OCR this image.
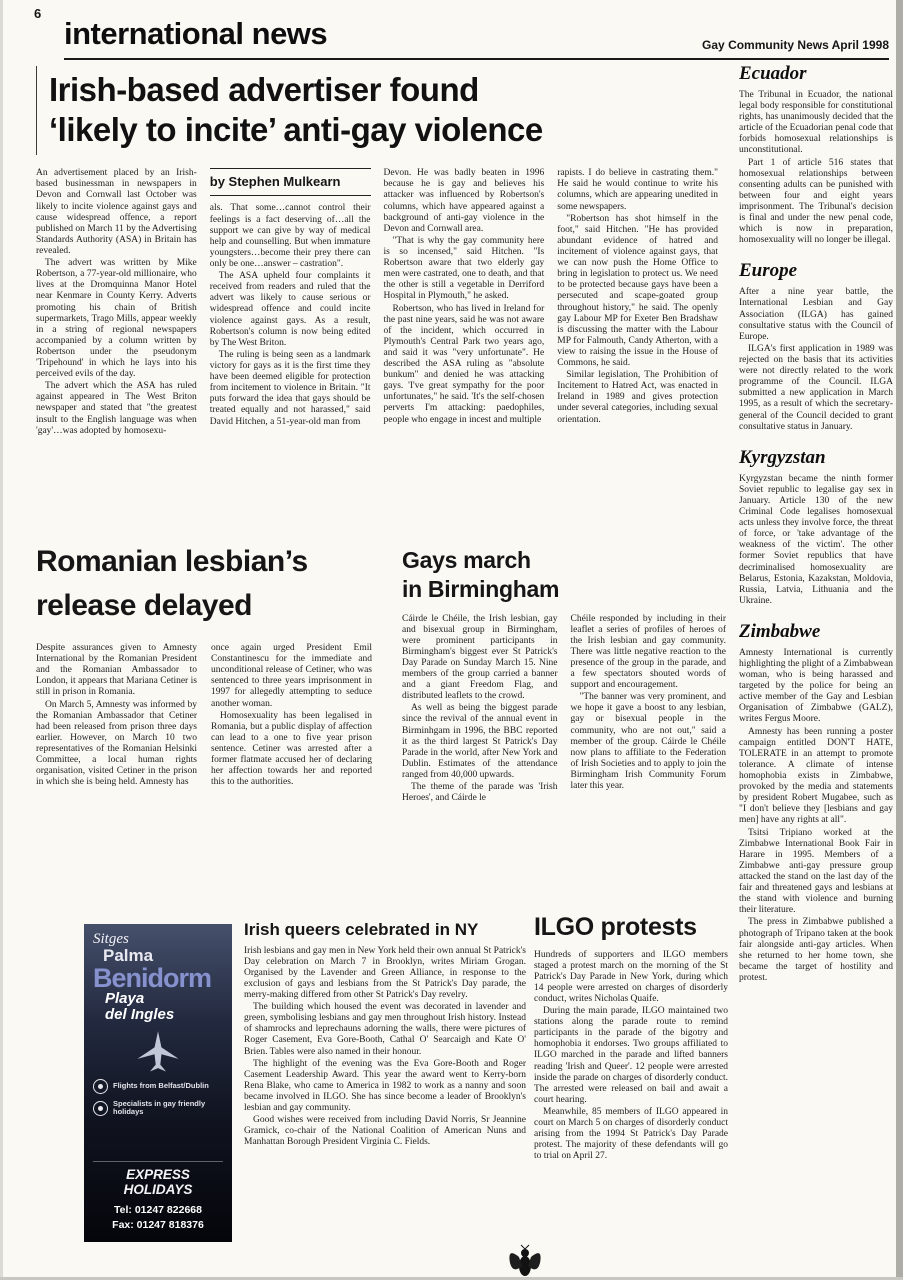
6
international news	Gay Community News April 1998
Irish-based advertiser found
‘likely to incite’ anti-gay violence

An advertisement placed by an Irish-based businessman in newspapers in Devon and Cornwall last October was likely to incite violence against gays and cause widespread offence, a report published on March 11 by the Advertising Standards Authority (ASA) in Britain has revealed.

The advert was written by Mike Robertson, a 77-year-old millionaire, who lives at the Dromquinna Manor Hotel near Kenmare in County Kerry. Adverts promoting his chain of British supermarkets, Trago Mills, appear weekly in a string of regional newspapers accompanied by a column written by Robertson under the pseudonym 'Tripehound' in which he lays into his perceived evils of the day.

The advert which the ASA has ruled against appeared in The West Briton newspaper and stated that "the greatest insult to the English language was when 'gay'…was adopted by homosexu-

by Stephen Mulkearn

als. That some…cannot control their feelings is a fact deserving of…all the support we can give by way of medical help and counselling. But when immature youngsters…become their prey there can only be one…answer – castration".

The ASA upheld four complaints it received from readers and ruled that the advert was likely to cause serious or widespread offence and could incite violence against gays. As a result, Robertson's column is now being edited by The West Briton.

The ruling is being seen as a landmark victory for gays as it is the first time they have been deemed eligible for protection from incitement to violence in Britain. "It puts forward the idea that gays should be treated equally and not harassed," said David Hitchen, a 51-year-old man from

Devon. He was badly beaten in 1996 because he is gay and believes his attacker was influenced by Robertson's columns, which have appeared against a background of anti-gay violence in the Devon and Cornwall area.

"That is why the gay community here is so incensed," said Hitchen. "Is Robertson aware that two elderly gay men were castrated, one to death, and that the other is still a vegetable in Derriford Hospital in Plymouth," he asked.

Robertson, who has lived in Ireland for the past nine years, said he was not aware of the incident, which occurred in Plymouth's Central Park two years ago, and said it was "very unfortunate". He described the ASA ruling as "absolute bunkum" and denied he was attacking gays. 'I've great sympathy for the poor unfortunates," he said. 'It's the self-chosen perverts I'm attacking: paedophiles, people who engage in incest and multiple

rapists. I do believe in castrating them." He said he would continue to write his columns, which are appearing unedited in some newspapers.

"Robertson has shot himself in the foot," said Hitchen. "He has provided abundant evidence of hatred and incitement of violence against gays, that we can now push the Home Office to bring in legislation to protect us. We need to be protected because gays have been a persecuted and scape-goated group throughout history," he said. The openly gay Labour MP for Exeter Ben Bradshaw is discussing the matter with the Labour MP for Falmouth, Candy Atherton, with a view to raising the issue in the House of Commons, he said.

Similar legislation, The Prohibition of Incitement to Hatred Act, was enacted in Ireland in 1989 and gives protection under several categories, including sexual orientation.

Romanian lesbian’s
release delayed

Despite assurances given to Amnesty International by the Romanian President and the Romanian Ambassador to London, it appears that Mariana Cetiner is still in prison in Romania.

On March 5, Amnesty was informed by the Romanian Ambassador that Cetiner had been released from prison three days earlier. However, on March 10 two representatives of the Romanian Helsinki Committee, a local human rights organisation, visited Cetiner in the prison in which she is being held. Amnesty has

once again urged President Emil Constantinescu for the immediate and unconditional release of Cetiner, who was sentenced to three years imprisonment in 1997 for allegedly attempting to seduce another woman.

Homosexuality has been legalised in Romania, but a public display of affection can lead to a one to five year prison sentence. Cetiner was arrested after a former flatmate accused her of declaring her affection towards her and reported this to the authorities.

Gays march
in Birmingham

Cáirde le Chéile, the Irish lesbian, gay and bisexual group in Birmingham, were prominent participants in Birmingham's biggest ever St Patrick's Day Parade on Sunday March 15. Nine members of the group carried a banner and a giant Freedom Flag, and distributed leaflets to the crowd.

As well as being the biggest parade since the revival of the annual event in Birminhgam in 1996, the BBC reported it as the third largest St Patrick's Day Parade in the world, after New York and Dublin. Estimates of the attendance ranged from 40,000 upwards.

The theme of the parade was 'Irish Heroes', and Cáirde le

Chéile responded by including in their leaflet a series of profiles of heroes of the Irish lesbian and gay community. There was little negative reaction to the presence of the group in the parade, and a few spectators shouted words of support and encouragement.

"The banner was very prominent, and we hope it gave a boost to any lesbian, gay or bisexual people in the community, who are not out," said a member of the group. Cáirde le Chéile now plans to affiliate to the Federation of Irish Societies and to apply to join the Birmingham Irish Community Forum later this year.

Sitges
Palma
Benidorm
Playa
del Ingles
Flights from Belfast/Dublin
Specialists in gay friendly holidays
EXPRESS HOLIDAYS
Tel: 01247 822668
Fax: 01247 818376
Irish queers celebrated in NY

Irish lesbians and gay men in New York held their own annual St Patrick's Day celebration on March 7 in Brooklyn, writes Miriam Grogan. Organised by the Lavender and Green Alliance, in response to the exclusion of gays and lesbians from the St Patrick's Day parade, the merry-making differed from other St Patrick's Day revelry.

The building which housed the event was decorated in lavender and green, symbolising lesbians and gay men throughout Irish history. Instead of shamrocks and leprechauns adorning the walls, there were pictures of Roger Casement, Eva Gore-Booth, Cathal O' Searcaigh and Kate O' Brien. Tables were also named in their honour.

The highlight of the evening was the Eva Gore-Booth and Roger Casement Leadership Award. This year the award went to Kerry-born Rena Blake, who came to America in 1982 to work as a nanny and soon became involved in ILGO. She has since become a leader of Brooklyn's lesbian and gay community.

Good wishes were received from including David Norris, Sr Jeannine Gramick, co-chair of the National Coalition of American Nuns and Manhattan Borough President Virginia C. Fields.

ILGO protests

Hundreds of supporters and ILGO members staged a protest march on the morning of the St Patrick's Day Parade in New York, during which 14 people were arrested on charges of disorderly conduct, writes Nicholas Quaife.

During the main parade, ILGO maintained two stations along the parade route to remind participants in the parade of the bigotry and homophobia it endorses. Two groups affiliated to ILGO marched in the parade and lifted banners reading 'Irish and Queer'. 12 people were arrested inside the parade on charges of disorderly conduct. The arrested were released on bail and await a court hearing.

Meanwhile, 85 members of ILGO appeared in court on March 5 on charges of disorderly conduct arising from the 1994 St Patrick's Day Parade protest. The majority of these defendants will go to trial on April 27.

Ecuador

The Tribunal in Ecuador, the national legal body responsible for constitutional rights, has unanimously decided that the article of the Ecuadorian penal code that forbids homosexual relationships is unconstitutional.

Part 1 of article 516 states that homosexual relationships between consenting adults can be punished with between four and eight years imprisonment. The Tribunal's decision is final and under the new penal code, which is now in preparation, homosexuality will no longer be illegal.

Europe

After a nine year battle, the International Lesbian and Gay Association (ILGA) has gained consultative status with the Council of Europe.

ILGA's first application in 1989 was rejected on the basis that its activities were not directly related to the work programme of the Council. ILGA submitted a new application in March 1995, as a result of which the secretary-general of the Council decided to grant consultative status in January.

Kyrgyzstan

Kyrgyzstan became the ninth former Soviet republic to legalise gay sex in January. Article 130 of the new Criminal Code legalises homosexual acts unless they involve force, the threat of force, or 'take advantage of the weakness of the victim'. The other former Soviet republics that have decriminalised homosexuality are Belarus, Estonia, Kazakstan, Moldovia, Russia, Latvia, Lithuania and the Ukraine.

Zimbabwe

Amnesty International is currently highlighting the plight of a Zimbabwean woman, who is being harassed and targeted by the police for being an active member of the Gay and Lesbian Organisation of Zimbabwe (GALZ), writes Fergus Moore.

Amnesty has been running a poster campaign entitled DON'T HATE, TOLERATE in an attempt to promote tolerance. A climate of intense homophobia exists in Zimbabwe, provoked by the media and statements by president Robert Mugabee, such as "I don't believe they [lesbians and gay men] have any rights at all".

Tsitsi Tripiano worked at the Zimbabwe International Book Fair in Harare in 1995. Members of a Zimbabwe anti-gay pressure group attacked the stand on the last day of the fair and threatened gays and lesbians at the stand with violence and burning their literature.

The press in Zimbabwe published a photograph of Tripano taken at the book fair alongside anti-gay articles. When she returned to her home town, she became the target of hostility and protest.
